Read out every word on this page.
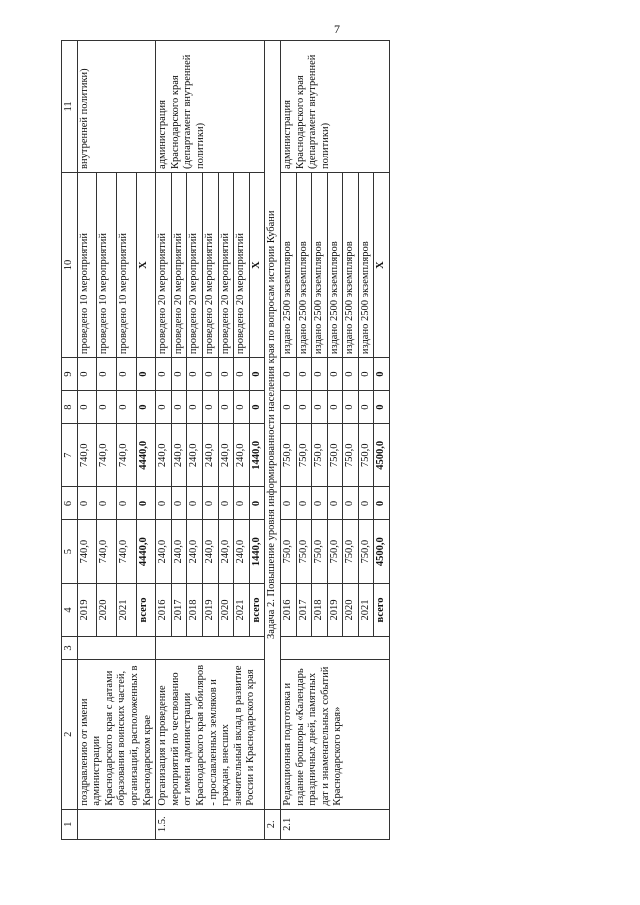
7
1	2	3	4	5	6	7	8	9	10	11
	поздравлению от имени администрации Краснодарского края с датами образования воинских частей, организаций, расположенных в Краснодарском крае		2019	740,0	0	740,0	0	0	проведено 10 мероприятий	внутренней политики)
			2020	740,0	0	740,0	0	0	проведено 10 мероприятий	
			2021	740,0	0	740,0	0	0	проведено 10 мероприятий	
			всего	4440,0	0	4440,0	0	0	X	
1.5.	Организация и проведение мероприятий по чествованию от имени администрации Краснодарского края юбиляров - прославленных земляков и граждан, внесших значительный вклад в развитие России и Краснодарского края		2016	240,0	0	240,0	0	0	проведено 20 мероприятий	администрация Краснодарского края (департамент внутренней политики)
			2017	240,0	0	240,0	0	0	проведено 20 мероприятий	
			2018	240,0	0	240,0	0	0	проведено 20 мероприятий	
			2019	240,0	0	240,0	0	0	проведено 20 мероприятий	
			2020	240,0	0	240,0	0	0	проведено 20 мероприятий	
			2021	240,0	0	240,0	0	0	проведено 20 мероприятий	
			всего	1440,0	0	1440,0	0	0	X	
2.	Задача 2. Повышение уровня информированности населения края по вопросам истории Кубани									
2.1	Редакционная подготовка и издание брошюры «Календарь праздничных дней, памятных дат и знаменательных событий Краснодарского края»		2016	750,0	0	750,0	0	0	издано 2500 экземпляров	администрация Краснодарского края (департамент внутренней политики)
			2017	750,0	0	750,0	0	0	издано 2500 экземпляров	
			2018	750,0	0	750,0	0	0	издано 2500 экземпляров	
			2019	750,0	0	750,0	0	0	издано 2500 экземпляров	
			2020	750,0	0	750,0	0	0	издано 2500 экземпляров	
			2021	750,0	0	750,0	0	0	издано 2500 экземпляров	
			всего	4500,0	0	4500,0	0	0	X	
